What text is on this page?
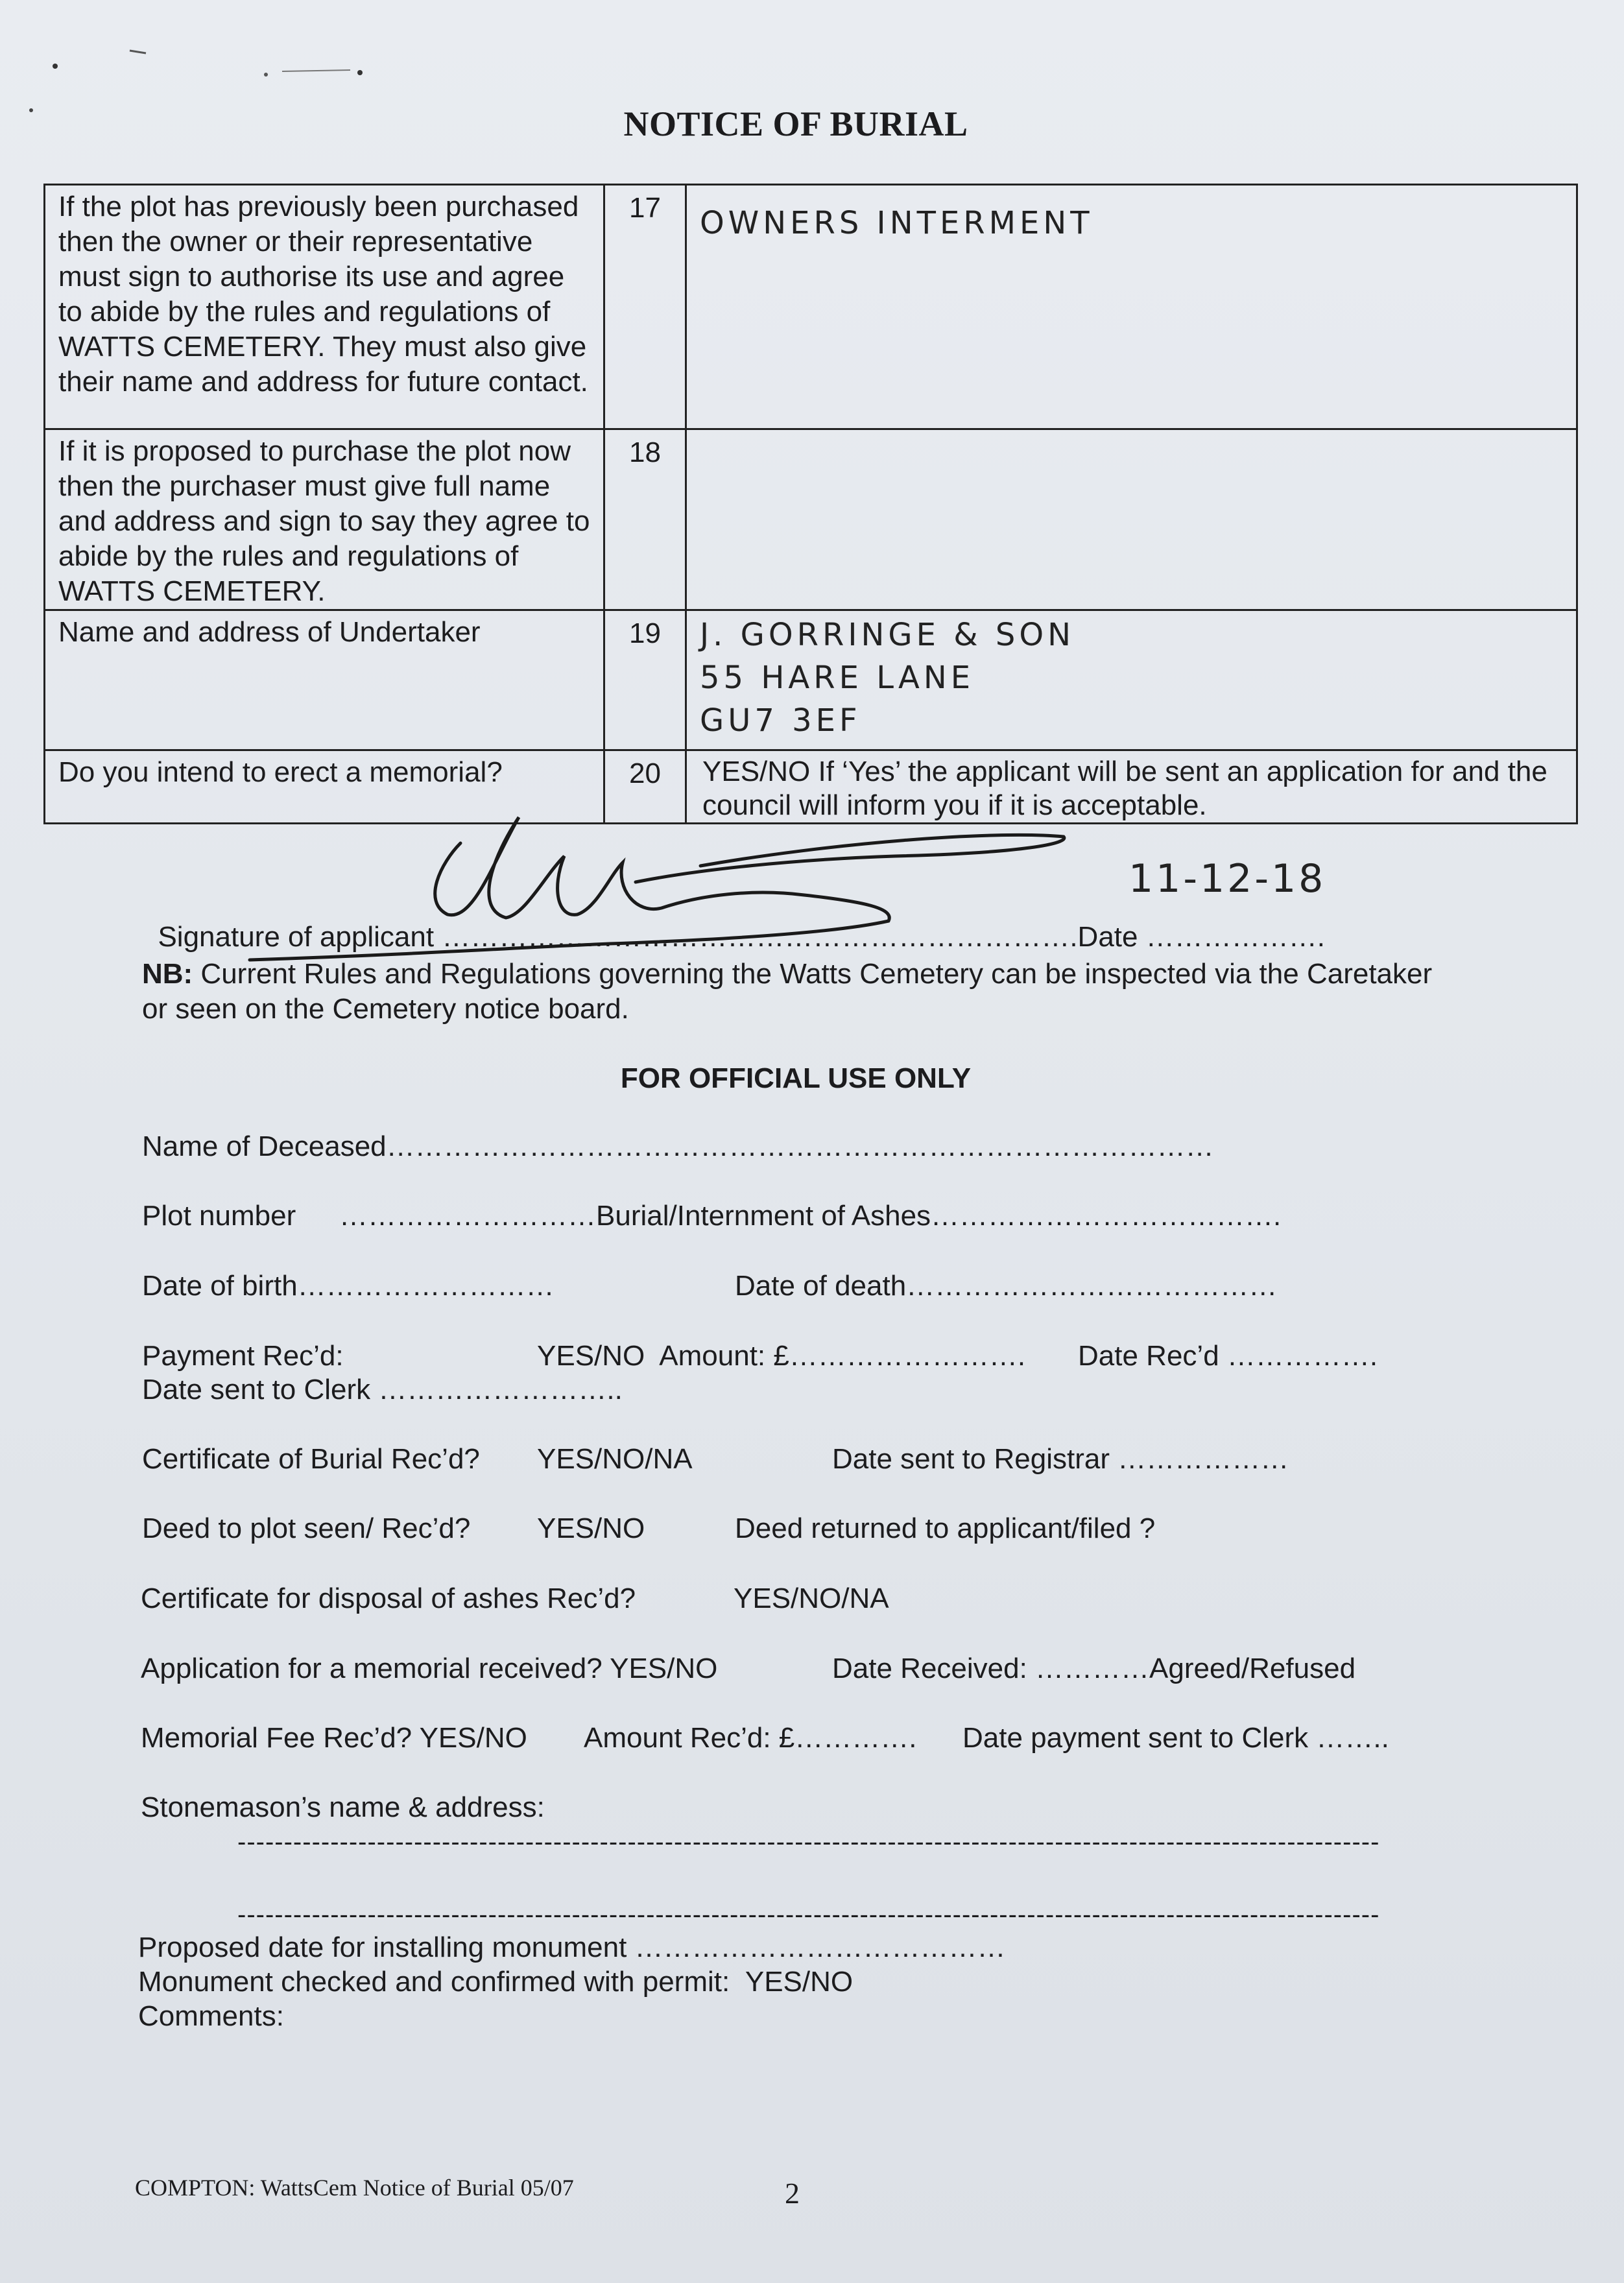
NOTICE OF BURIAL
If the plot has previously been purchased then the owner or their representative must sign to authorise its use and agree to abide by the rules and regulations of WATTS CEMETERY. They must also give their name and address for future contact.	17	OWNERS INTERMENT

If it is proposed to purchase the plot now then the purchaser must give full name and address and sign to say they agree to abide by the rules and regulations of WATTS CEMETERY.	18	
Name and address of Undertaker	19	J. GORRINGE & SON
55 HARE LANE
GU7 3EF

Do you intend to erect a memorial?	20	YES/NO If ‘Yes’ the applicant will be sent an application for and the council will inform you if it is acceptable.

Signature of applicant ………………………………………………………….Date ……………….

11-12-18
NB: Current Rules and Regulations governing the Watts Cemetery can be inspected via the Caretaker or seen on the Cemetery notice board.
FOR OFFICIAL USE ONLY
Name of Deceased……………………………………………………………………………
Plot number ………………………Burial/Internment of Ashes……………………………….
Date of birth………………………	Date of death…………………………………
Payment Rec’d:	YES/NO  Amount: £……………………. Date Rec’d …………….
Date sent to Clerk ……………………..
Certificate of Burial Rec’d? YES/NO/NA	Date sent to Registrar ………………
Deed to plot seen/ Rec’d? YES/NO	Deed returned to applicant/filed ?
Certificate for disposal of ashes Rec’d?	YES/NO/NA
Application for a memorial received? YES/NO	Date Received: …………Agreed/Refused
Memorial Fee Rec’d? YES/NO Amount Rec’d: £…………. Date payment sent to Clerk ……..
Stonemason’s name & address:
---------------------------------------------------------------------------------------------------------------------------
---------------------------------------------------------------------------------------------------------------------------
Proposed date for installing monument …………………………………
Monument checked and confirmed with permit:  YES/NO
Comments:
COMPTON: WattsCem Notice of Burial 05/07	2
